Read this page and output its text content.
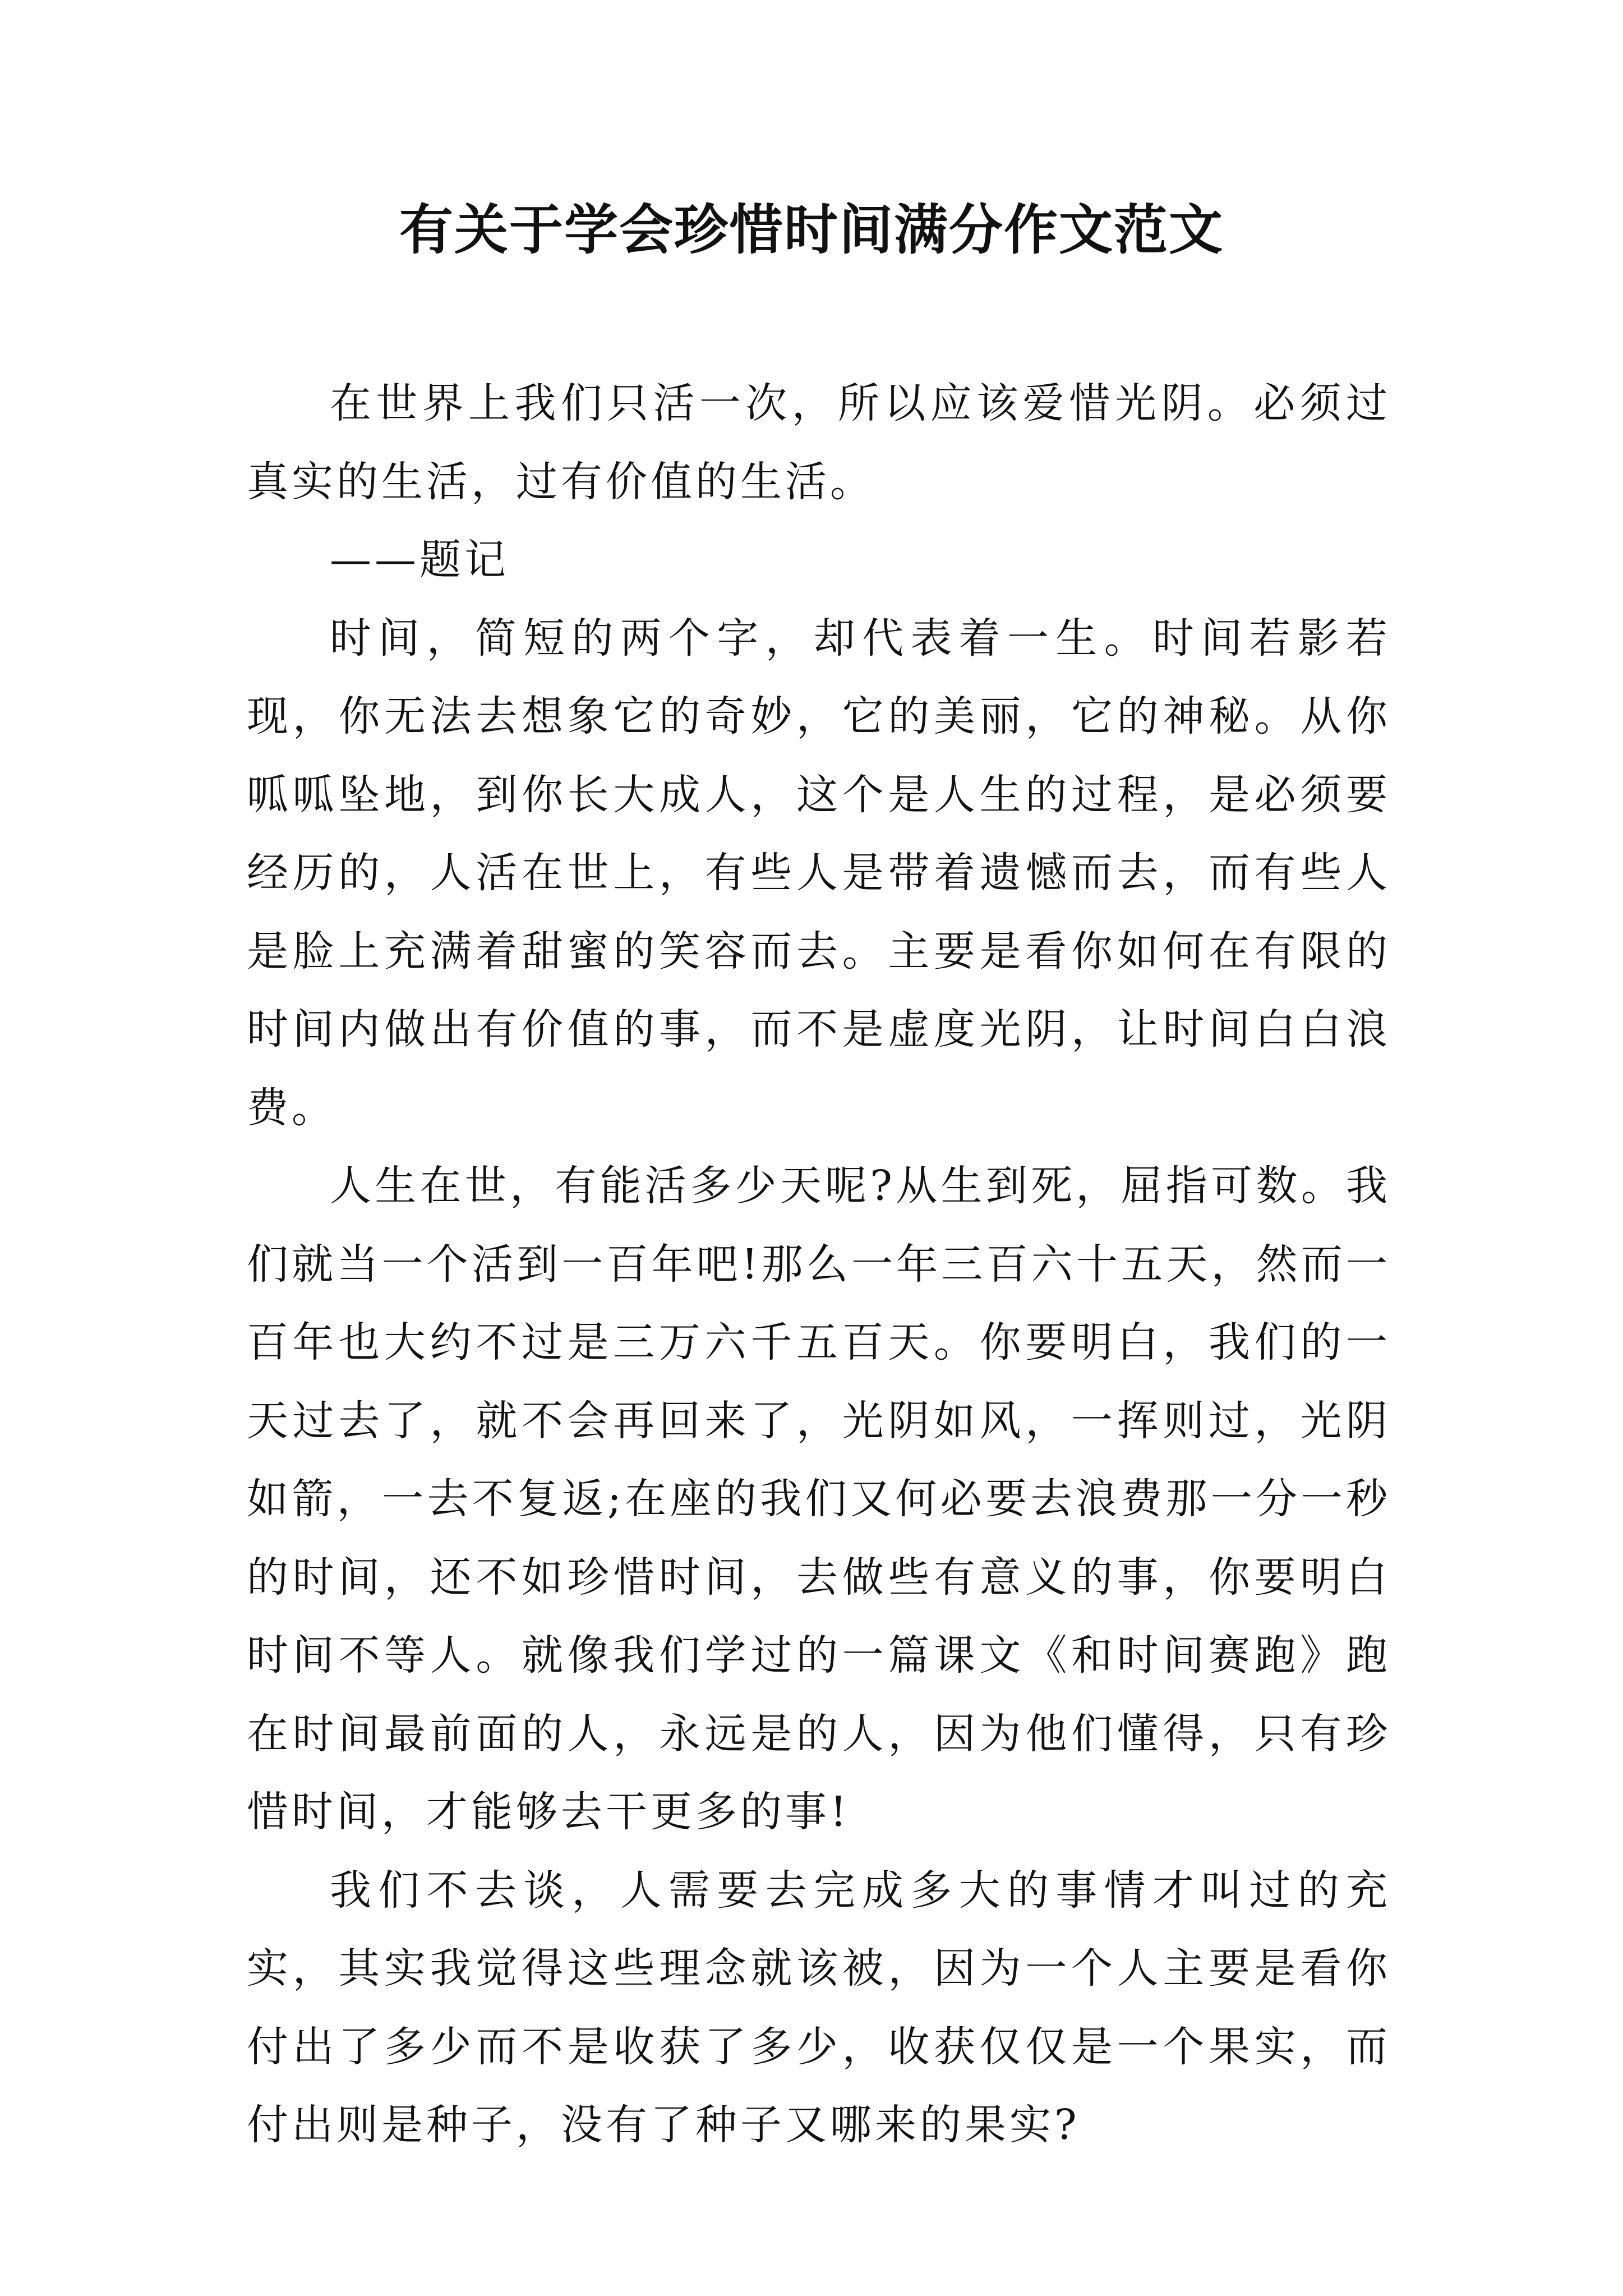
有关于学会珍惜时间满分作文范文

在世界上我们只活一次，所以应该爱惜光阴。必须过真实的生活，过有价值的生活。

——题记

时间，简短的两个字，却代表着一生。时间若影若现，你无法去想象它的奇妙，它的美丽，它的神秘。从你呱呱坠地，到你长大成人，这个是人生的过程，是必须要经历的，人活在世上，有些人是带着遗憾而去，而有些人是脸上充满着甜蜜的笑容而去。主要是看你如何在有限的时间内做出有价值的事，而不是虚度光阴，让时间白白浪费。

人生在世，有能活多少天呢?从生到死，屈指可数。我们就当一个活到一百年吧!那么一年三百六十五天，然而一百年也大约不过是三万六千五百天。你要明白，我们的一天过去了，就不会再回来了，光阴如风，一挥则过，光阴如箭，一去不复返;在座的我们又何必要去浪费那一分一秒的时间，还不如珍惜时间，去做些有意义的事，你要明白时间不等人。就像我们学过的一篇课文《和时间赛跑》跑在时间最前面的人，永远是的人，因为他们懂得，只有珍惜时间，才能够去干更多的事!

我们不去谈，人需要去完成多大的事情才叫过的充实，其实我觉得这些理念就该被，因为一个人主要是看你付出了多少而不是收获了多少，收获仅仅是一个果实，而付出则是种子，没有了种子又哪来的果实?
